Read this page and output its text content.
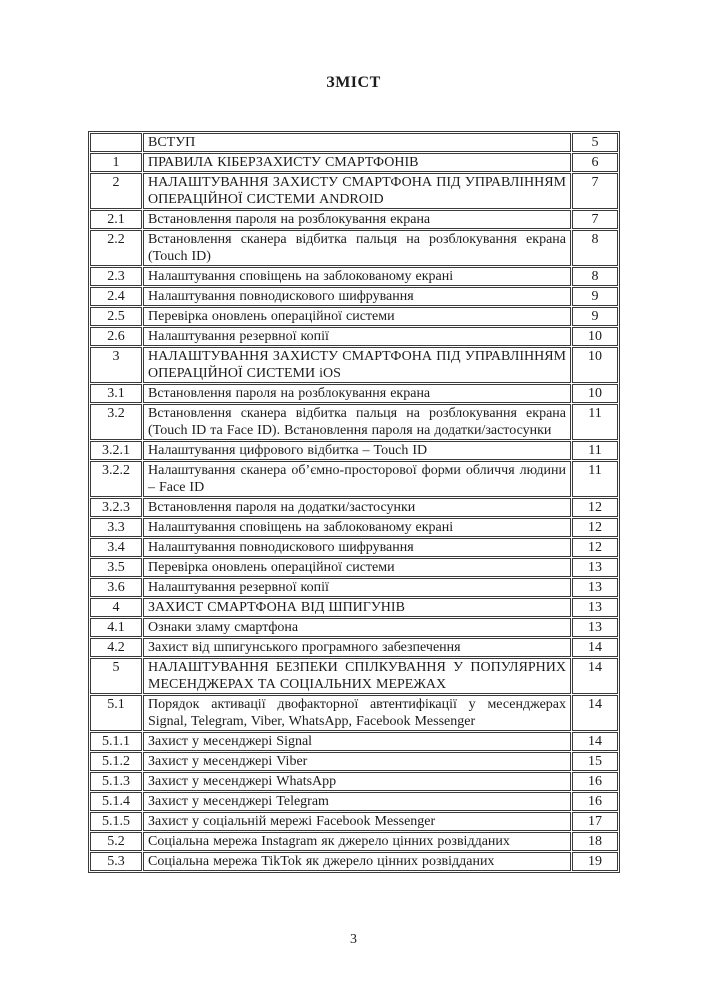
ЗМІСТ
	ВСТУП	5
1	ПРАВИЛА КІБЕРЗАХИСТУ СМАРТФОНІВ	6
2	НАЛАШТУВАННЯ ЗАХИСТУ СМАРТФОНА ПІД УПРАВЛІННЯМ ОПЕРАЦІЙНОЇ СИСТЕМИ ANDROID	7
2.1	Встановлення пароля на розблокування екрана	7
2.2	Встановлення сканера відбитка пальця на розблокування екрана (Touch ID)	8
2.3	Налаштування сповіщень на заблокованому екрані	8
2.4	Налаштування повнодискового шифрування	9
2.5	Перевірка оновлень операційної системи	9
2.6	Налаштування резервної копії	10
3	НАЛАШТУВАННЯ ЗАХИСТУ СМАРТФОНА ПІД УПРАВЛІННЯМ ОПЕРАЦІЙНОЇ СИСТЕМИ iOS	10
3.1	Встановлення пароля на розблокування екрана	10
3.2	Встановлення сканера відбитка пальця на розблокування екрана (Touch ID та Face ID). Встановлення пароля на додатки/застосунки	11
3.2.1	Налаштування цифрового відбитка – Touch ID	11
3.2.2	Налаштування сканера об’ємно-просторової форми обличчя людини – Face ID	11
3.2.3	Встановлення пароля на додатки/застосунки	12
3.3	Налаштування сповіщень на заблокованому екрані	12
3.4	Налаштування повнодискового шифрування	12
3.5	Перевірка оновлень операційної системи	13
3.6	Налаштування резервної копії	13
4	ЗАХИСТ СМАРТФОНА ВІД ШПИГУНІВ	13
4.1	Ознаки зламу смартфона	13
4.2	Захист від шпигунського програмного забезпечення	14
5	НАЛАШТУВАННЯ БЕЗПЕКИ СПІЛКУВАННЯ У ПОПУЛЯРНИХ МЕСЕНДЖЕРАХ ТА СОЦІАЛЬНИХ МЕРЕЖАХ	14
5.1	Порядок активації двофакторної автентифікації у месенджерах Signal, Telegram, Viber, WhatsApp, Facebook Messenger	14
5.1.1	Захист у месенджері Signal	14
5.1.2	Захист у месенджері Viber	15
5.1.3	Захист у месенджері WhatsApp	16
5.1.4	Захист у месенджері Telegram	16
5.1.5	Захист у соціальній мережі Facebook Messenger	17
5.2	Соціальна мережа Instagram як джерело цінних розвідданих	18
5.3	Соціальна мережа TikTok як джерело цінних розвідданих	19
3
